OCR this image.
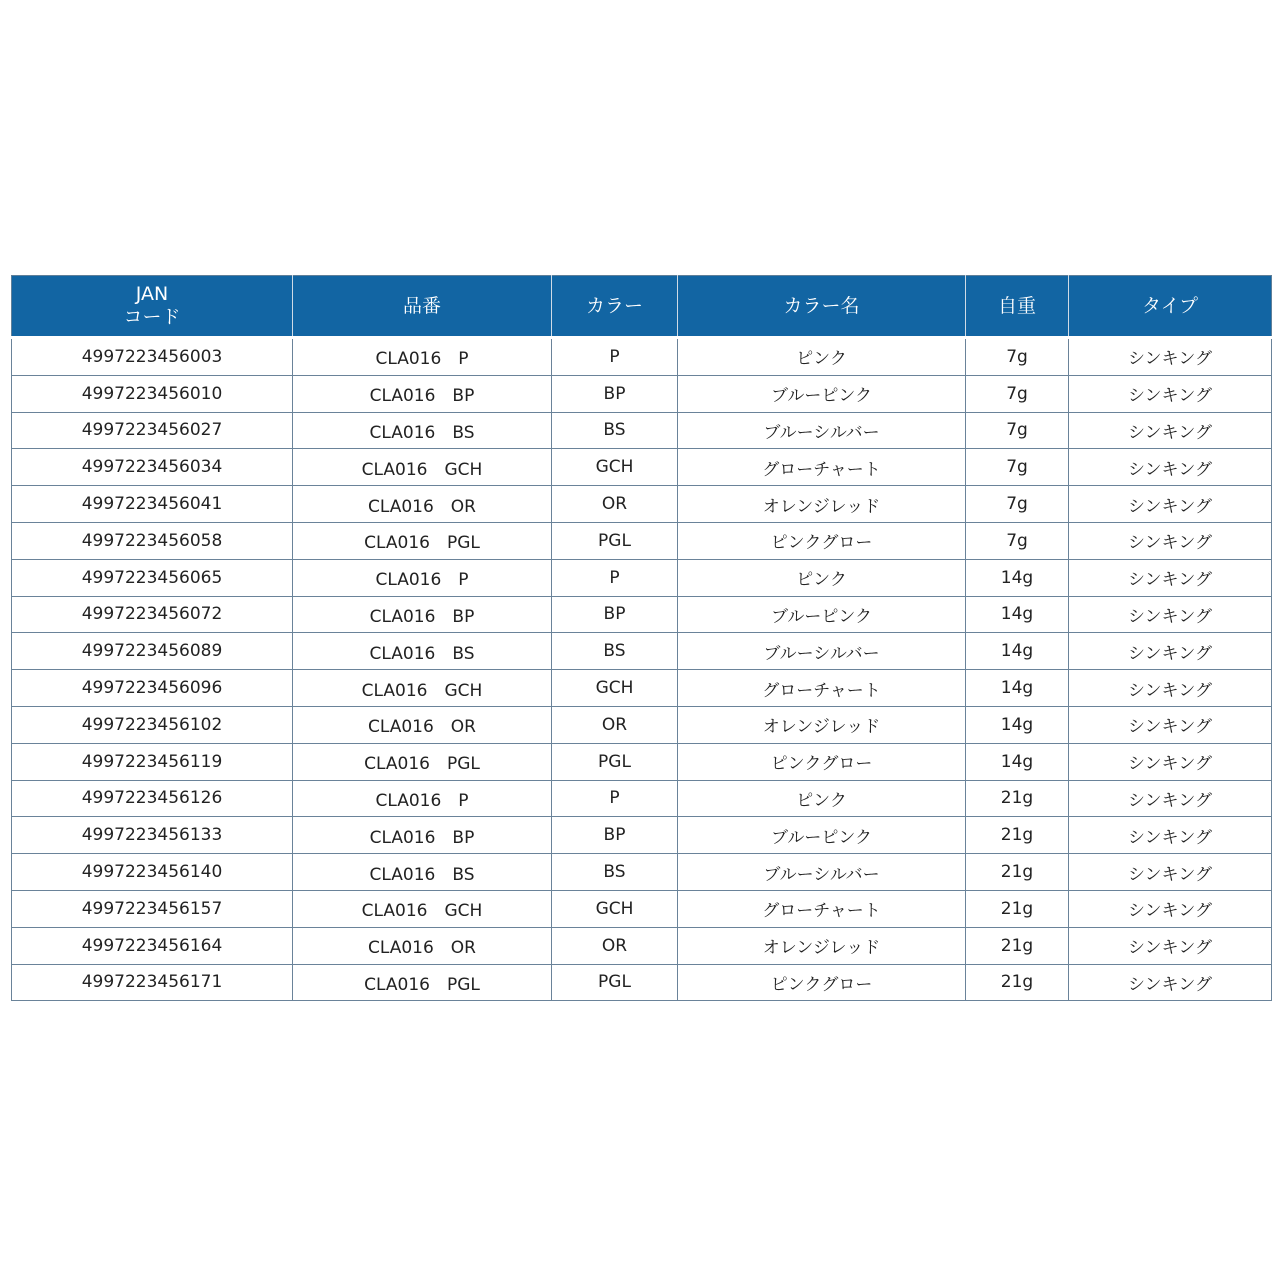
JAN
コード	品番	カラー	カラー名	自重	タイプ
4997223456003	CLA016　P	P	ピンク	7g	シンキング
4997223456010	CLA016　BP	BP	ブルーピンク	7g	シンキング
4997223456027	CLA016　BS	BS	ブルーシルバー	7g	シンキング
4997223456034	CLA016　GCH	GCH	グローチャート	7g	シンキング
4997223456041	CLA016　OR	OR	オレンジレッド	7g	シンキング
4997223456058	CLA016　PGL	PGL	ピンクグロー	7g	シンキング
4997223456065	CLA016　P	P	ピンク	14g	シンキング
4997223456072	CLA016　BP	BP	ブルーピンク	14g	シンキング
4997223456089	CLA016　BS	BS	ブルーシルバー	14g	シンキング
4997223456096	CLA016　GCH	GCH	グローチャート	14g	シンキング
4997223456102	CLA016　OR	OR	オレンジレッド	14g	シンキング
4997223456119	CLA016　PGL	PGL	ピンクグロー	14g	シンキング
4997223456126	CLA016　P	P	ピンク	21g	シンキング
4997223456133	CLA016　BP	BP	ブルーピンク	21g	シンキング
4997223456140	CLA016　BS	BS	ブルーシルバー	21g	シンキング
4997223456157	CLA016　GCH	GCH	グローチャート	21g	シンキング
4997223456164	CLA016　OR	OR	オレンジレッド	21g	シンキング
4997223456171	CLA016　PGL	PGL	ピンクグロー	21g	シンキング
